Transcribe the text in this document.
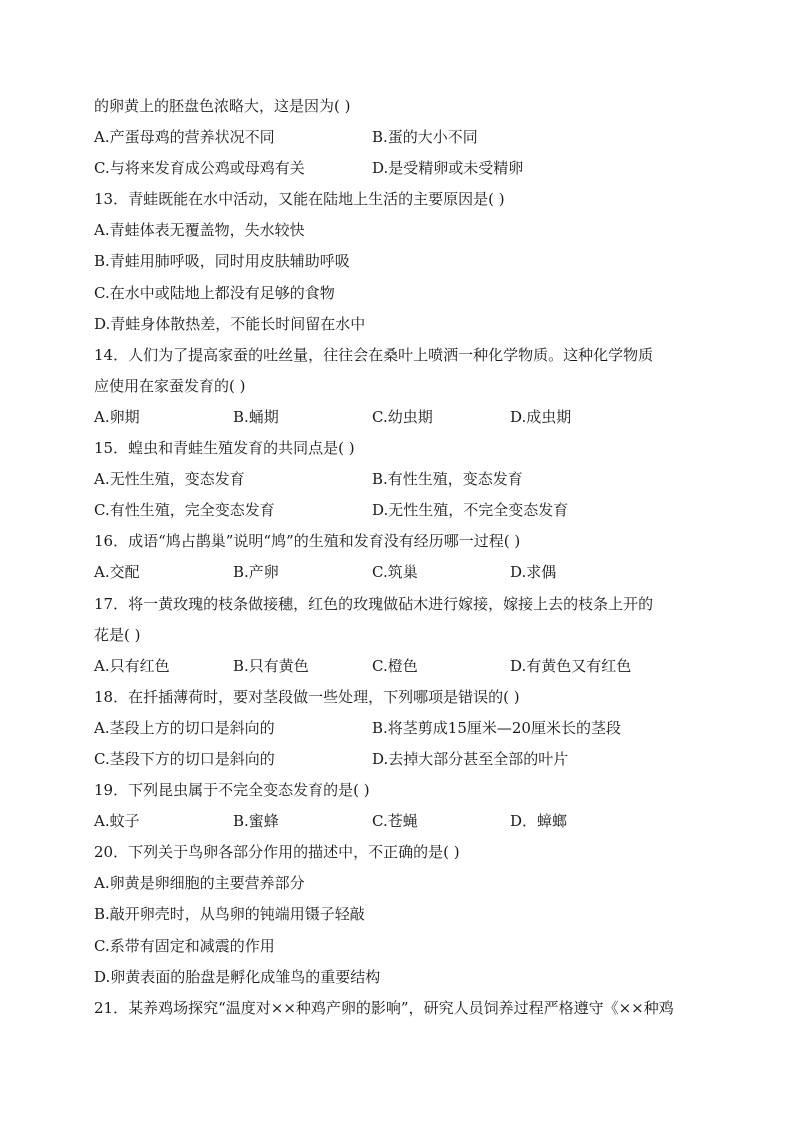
的卵黄上的胚盘色浓略大，这是因为( )
A.产蛋母鸡的营养状况不同	B.蛋的大小不同
C.与将来发育成公鸡或母鸡有关	D.是受精卵或未受精卵
13．青蛙既能在水中活动，又能在陆地上生活的主要原因是( )
A.青蛙体表无覆盖物，失水较快
B.青蛙用肺呼吸，同时用皮肤辅助呼吸
C.在水中或陆地上都没有足够的食物
D.青蛙身体散热差，不能长时间留在水中
14．人们为了提高家蚕的吐丝量，往往会在桑叶上喷洒一种化学物质。这种化学物质
应使用在家蚕发育的( )
A.卵期	B.蛹期	C.幼虫期	D.成虫期
15．蝗虫和青蛙生殖发育的共同点是( )
A.无性生殖，变态发育	B.有性生殖，变态发育
C.有性生殖，完全变态发育	D.无性生殖，不完全变态发育
16．成语“鸠占鹊巢”说明“鸠”的生殖和发育没有经历哪一过程( )
A.交配	B.产卵	C.筑巢	D.求偶
17．将一黄玫瑰的枝条做接穗，红色的玫瑰做砧木进行嫁接，嫁接上去的枝条上开的
花是( )
A.只有红色	B.只有黄色	C.橙色	D.有黄色又有红色
18．在扦插薄荷时，要对茎段做一些处理，下列哪项是错误的( )
A.茎段上方的切口是斜向的	B.将茎剪成15厘米—20厘米长的茎段
C.茎段下方的切口是斜向的	D.去掉大部分甚至全部的叶片
19．下列昆虫属于不完全变态发育的是( )
A.蚊子	B.蜜蜂	C.苍蝇	D．蟑螂
20．下列关于鸟卵各部分作用的描述中，不正确的是( )
A.卵黄是卵细胞的主要营养部分
B.敲开卵壳时，从鸟卵的钝端用镊子轻敲
C.系带有固定和减震的作用
D.卵黄表面的胎盘是孵化成雏鸟的重要结构
21．某养鸡场探究“温度对××种鸡产卵的影响”，研究人员饲养过程严格遵守《××种鸡
